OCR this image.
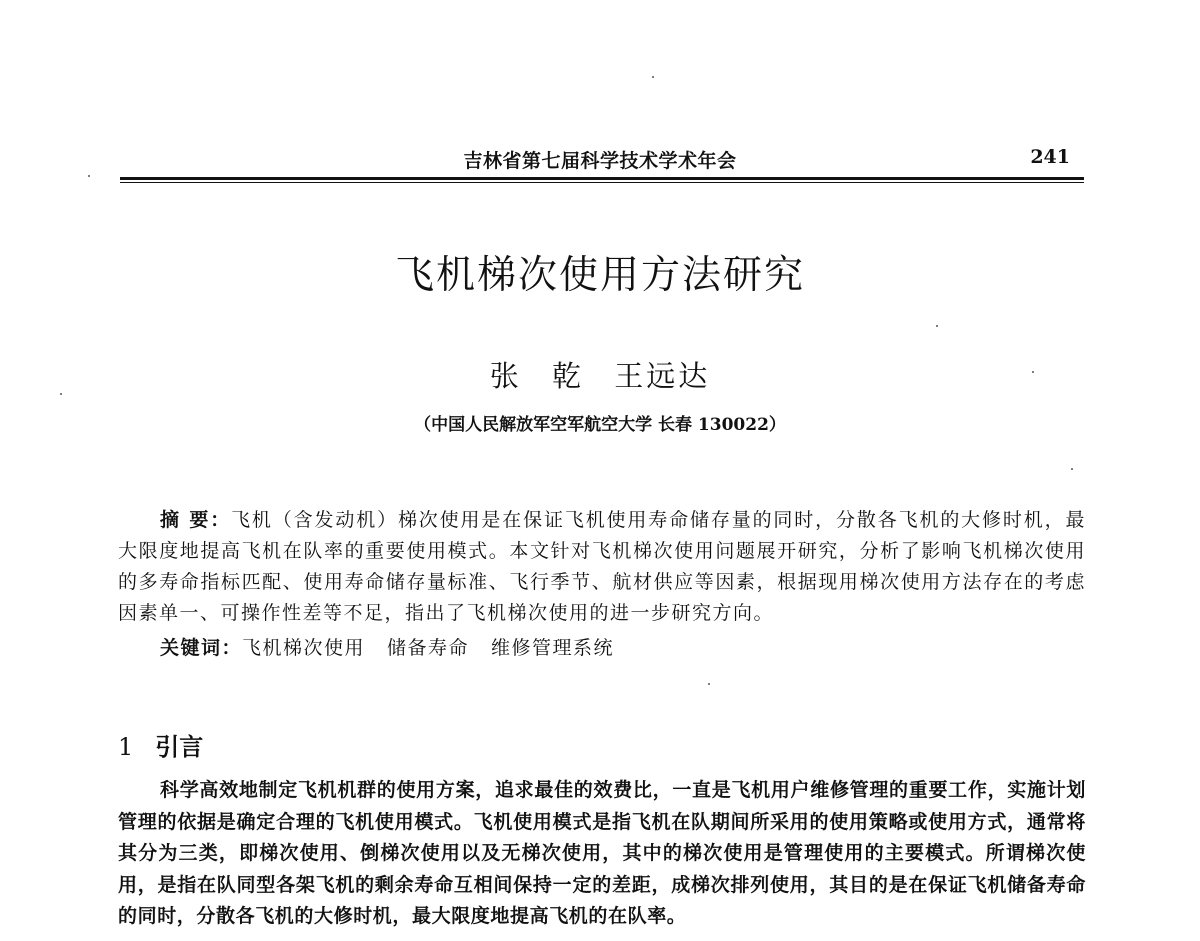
吉林省第七届科学技术学术年会	241
飞机梯次使用方法研究
张 乾 王远达
（中国人民解放军空军航空大学 长春 130022）

摘 要：飞机（含发动机）梯次使用是在保证飞机使用寿命储存量的同时，分散各飞机的大修时机，最大限度地提高飞机在队率的重要使用模式。本文针对飞机梯次使用问题展开研究，分析了影响飞机梯次使用的多寿命指标匹配、使用寿命储存量标准、飞行季节、航材供应等因素，根据现用梯次使用方法存在的考虑因素单一、可操作性差等不足，指出了飞机梯次使用的进一步研究方向。

关键词：飞机梯次使用 储备寿命 维修管理系统

1 引言

科学高效地制定飞机机群的使用方案，追求最佳的效费比，一直是飞机用户维修管理的重要工作，实施计划管理的依据是确定合理的飞机使用模式。飞机使用模式是指飞机在队期间所采用的使用策略或使用方式，通常将其分为三类，即梯次使用、倒梯次使用以及无梯次使用，其中的梯次使用是管理使用的主要模式。所谓梯次使用，是指在队同型各架飞机的剩余寿命互相间保持一定的差距，成梯次排列使用，其目的是在保证飞机储备寿命的同时，分散各飞机的大修时机，最大限度地提高飞机的在队率。
